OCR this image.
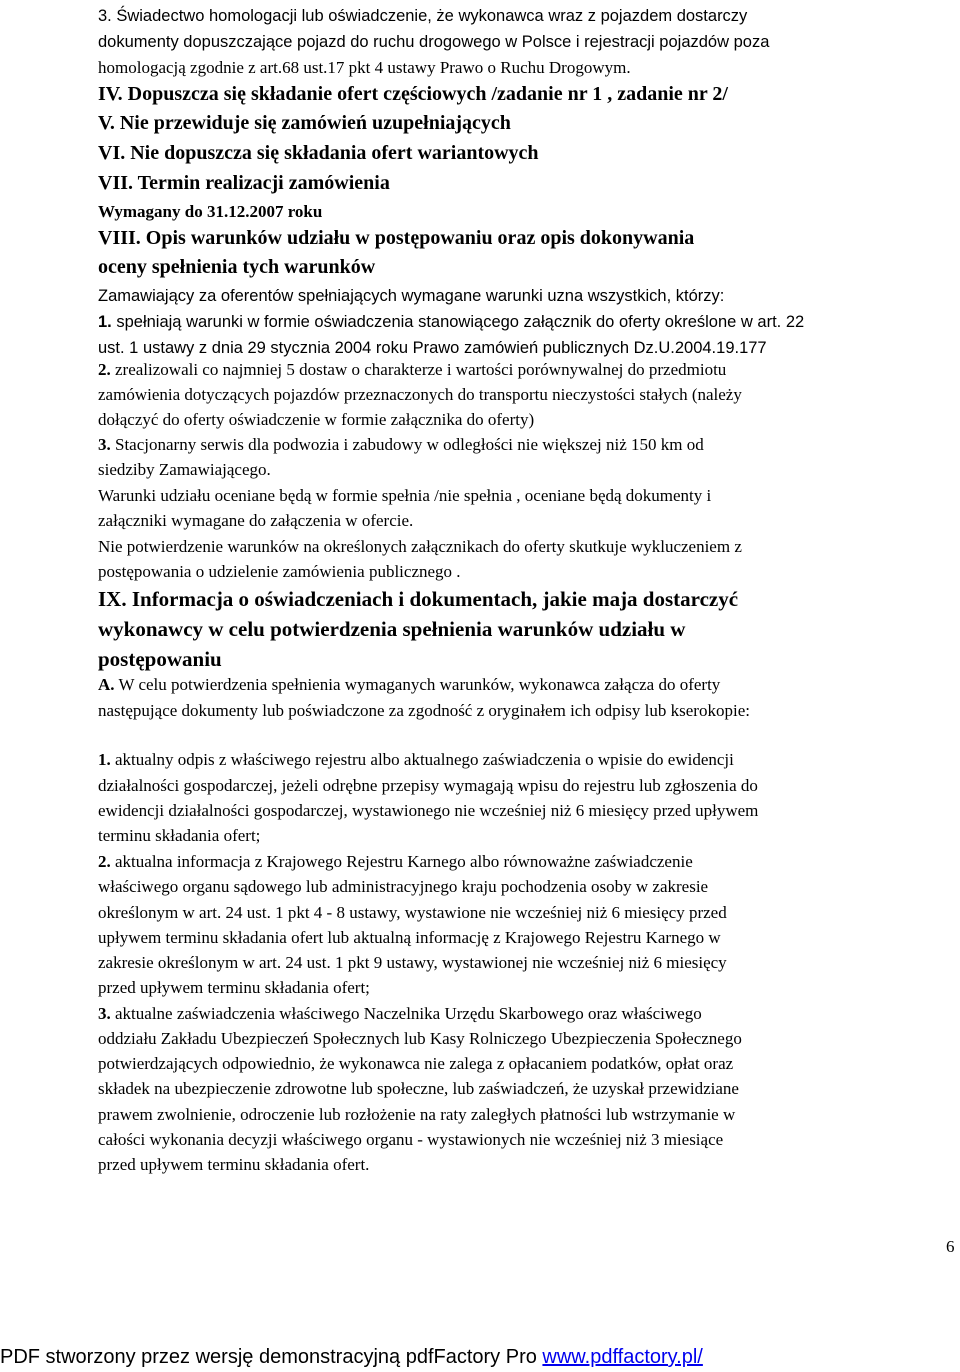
3. Świadectwo homologacji lub oświadczenie, że wykonawca wraz z pojazdem dostarczy
dokumenty dopuszczające pojazd do ruchu drogowego w Polsce i rejestracji pojazdów poza
homologacją zgodnie z art.68 ust.17 pkt 4 ustawy Prawo o Ruchu Drogowym.
IV. Dopuszcza się składanie ofert częściowych /zadanie nr 1 , zadanie nr 2/
V. Nie przewiduje się zamówień uzupełniających
VI. Nie dopuszcza się składania ofert wariantowych
VII. Termin realizacji zamówienia
Wymagany do 31.12.2007 roku
VIII. Opis warunków udziału w postępowaniu oraz opis dokonywania
oceny spełnienia tych warunków
Zamawiający za oferentów spełniających wymagane warunki uzna wszystkich, którzy:
1. spełniają warunki w formie oświadczenia stanowiącego załącznik do oferty określone w art. 22
ust. 1 ustawy z dnia 29 stycznia 2004 roku Prawo zamówień publicznych Dz.U.2004.19.177
2. zrealizowali co najmniej 5 dostaw o charakterze i wartości porównywalnej do przedmiotu
zamówienia dotyczących pojazdów przeznaczonych do transportu nieczystości stałych (należy
dołączyć do oferty oświadczenie w formie załącznika do oferty)
3. Stacjonarny serwis dla podwozia i zabudowy w odległości nie większej niż 150 km od
siedziby Zamawiającego.
Warunki udziału oceniane będą w formie spełnia /nie spełnia , oceniane będą dokumenty i
załączniki wymagane do załączenia w ofercie.
Nie potwierdzenie warunków na określonych załącznikach do oferty skutkuje wykluczeniem z
postępowania o udzielenie zamówienia publicznego .
IX. Informacja o oświadczeniach i dokumentach, jakie maja dostarczyć
wykonawcy w celu potwierdzenia spełnienia warunków udziału w
postępowaniu
A. W celu potwierdzenia spełnienia wymaganych warunków, wykonawca załącza do oferty
następujące dokumenty lub poświadczone za zgodność z oryginałem ich odpisy lub kserokopie:
1. aktualny odpis z właściwego rejestru albo aktualnego zaświadczenia o wpisie do ewidencji
działalności gospodarczej, jeżeli odrębne przepisy wymagają wpisu do rejestru lub zgłoszenia do
ewidencji działalności gospodarczej, wystawionego nie wcześniej niż 6 miesięcy przed upływem
terminu składania ofert;
2. aktualna informacja z Krajowego Rejestru Karnego albo równoważne zaświadczenie
właściwego organu sądowego lub administracyjnego kraju pochodzenia osoby w zakresie
określonym w art. 24 ust. 1 pkt 4 - 8 ustawy, wystawione nie wcześniej niż 6 miesięcy przed
upływem terminu składania ofert lub aktualną informację z Krajowego Rejestru Karnego w
zakresie określonym w art. 24 ust. 1 pkt 9 ustawy, wystawionej nie wcześniej niż 6 miesięcy
przed upływem terminu składania ofert;
3. aktualne zaświadczenia właściwego Naczelnika Urzędu Skarbowego oraz właściwego
oddziału Zakładu Ubezpieczeń Społecznych lub Kasy Rolniczego Ubezpieczenia Społecznego
potwierdzających odpowiednio, że wykonawca nie zalega z opłacaniem podatków, opłat oraz
składek na ubezpieczenie zdrowotne lub społeczne, lub zaświadczeń, że uzyskał przewidziane
prawem zwolnienie, odroczenie lub rozłożenie na raty zaległych płatności lub wstrzymanie w
całości wykonania decyzji właściwego organu - wystawionych nie wcześniej niż 3 miesiące
przed upływem terminu składania ofert.
6
PDF stworzony przez wersję demonstracyjną pdfFactory Pro www.pdffactory.pl/
